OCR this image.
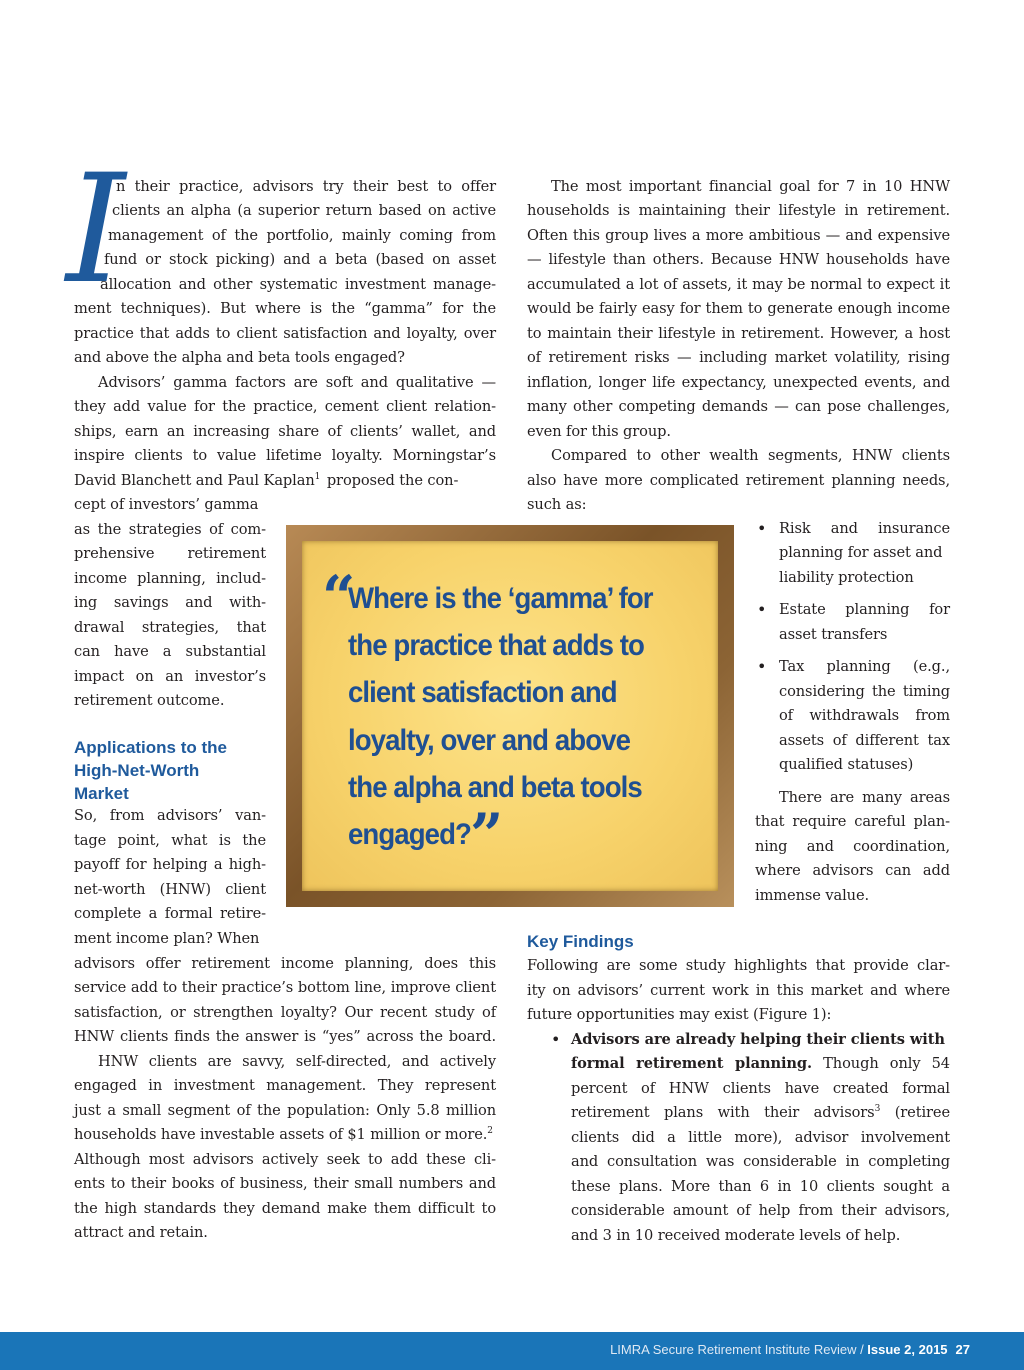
I
n their practice, advisors try their best to offer
clients an alpha (a superior return based on active
management of the portfolio, mainly coming from
fund or stock picking) and a beta (based on asset
allocation and other systematic investment manage-
ment techniques). But where is the “gamma” for the
practice that adds to client satisfaction and loyalty, over
and above the alpha and beta tools engaged?
Advisors’ gamma factors are soft and qualitative —
they add value for the practice, cement client relation-
ships, earn an increasing share of clients’ wallet, and
inspire clients to value lifetime loyalty. Morningstar’s
David Blanchett and Paul Kaplan$^1$ proposed the con-
cept of investors’ gamma
as the strategies of com-
prehensive retirement
income planning, includ-
ing savings and with-
drawal strategies, that
can have a substantial
impact on an investor’s
retirement outcome.
Applications to the
High-Net-Worth
Market
So, from advisors’ van-
tage point, what is the
payoff for helping a high-
net-worth (HNW) client
complete a formal retire-
ment income plan? When
advisors offer retirement income planning, does this
service add to their practice’s bottom line, improve client
satisfaction, or strengthen loyalty? Our recent study of
HNW clients finds the answer is “yes” across the board.
HNW clients are savvy, self-directed, and actively
engaged in investment management. They represent
just a small segment of the population: Only 5.8 million
households have investable assets of $1 million or more.$^2$
Although most advisors actively seek to add these cli-
ents to their books of business, their small numbers and
the high standards they demand make them difficult to
attract and retain.
The most important financial goal for 7 in 10 HNW
households is maintaining their lifestyle in retirement.
Often this group lives a more ambitious — and expensive
— lifestyle than others. Because HNW households have
accumulated a lot of assets, it may be normal to expect it
would be fairly easy for them to generate enough income
to maintain their lifestyle in retirement. However, a host
of retirement risks — including market volatility, rising
inflation, longer life expectancy, unexpected events, and
many other competing demands — can pose challenges,
even for this group.
Compared to other wealth segments, HNW clients
also have more complicated retirement planning needs,
such as:
• Risk and insurance
planning for asset and
liability protection
• Estate planning for
asset transfers
• Tax planning (e.g.,
considering the timing
of withdrawals from
assets of different tax
qualified statuses)
There are many areas
that require careful plan-
ning and coordination,
where advisors can add
immense value.
Key Findings
Following are some study highlights that provide clar-
ity on advisors’ current work in this market and where
future opportunities may exist (Figure 1):
• Advisors are already helping their clients with
formal retirement planning. Though only 54
percent of HNW clients have created formal
retirement plans with their advisors$^3$ (retiree
clients did a little more), advisor involvement
and consultation was considerable in completing
these plans. More than 6 in 10 clients sought a
considerable amount of help from their advisors,
and 3 in 10 received moderate levels of help.
“
Where is the ‘gamma’ for
the practice that adds to
client satisfaction and
loyalty, over and above
the alpha and beta tools
engaged? ”
LIMRA Secure Retirement Institute Review / Issue 2, 2015 27
